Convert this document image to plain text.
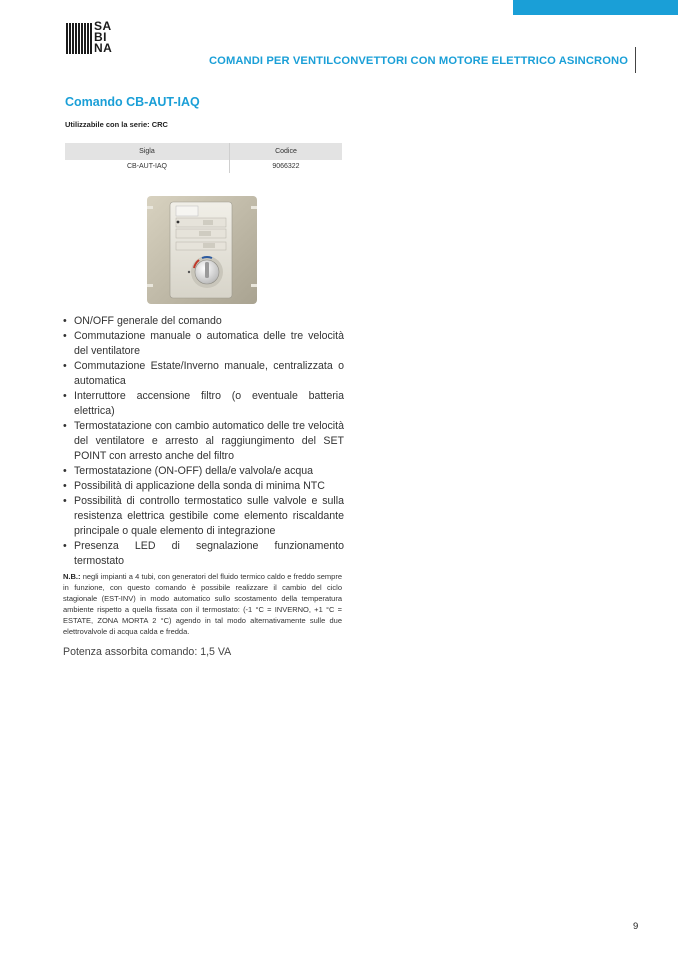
SA
BI
NA
COMANDI PER VENTILCONVETTORI CON MOTORE ELETTRICO ASINCRONO
Comando CB-AUT-IAQ
Utilizzabile con la serie: CRC
Sigla	Codice
CB-AUT-IAQ	9066322
• ON/OFF generale del comando
• Commutazione manuale o automatica delle tre velocità del ventilatore
• Commutazione Estate/Inverno manuale, centralizzata o automatica
• Interruttore accensione filtro (o eventuale batteria elettrica)
• Termostatazione con cambio automatico delle tre velocità del ventilatore e arresto al raggiungimento del SET POINT con arresto anche del filtro
• Termostatazione (ON-OFF) della/e valvola/e acqua
• Possibilità di applicazione della sonda di minima NTC
• Possibilità di controllo termostatico sulle valvole e sulla resistenza elettrica gestibile come elemento riscaldante principale o quale elemento di integrazione
• Presenza LED di segnalazione funzionamento termostato

N.B.: negli impianti a 4 tubi, con generatori del fluido termico caldo e freddo sempre in funzione, con questo comando è possibile realizzare il cambio del ciclo stagionale (EST-INV) in modo automatico sullo scostamento della temperatura ambiente rispetto a quella fissata con il termostato: (-1 °C = INVERNO, +1 °C = ESTATE, ZONA MORTA 2 °C) agendo in tal modo alternativamente sulle due elettrovalvole di acqua calda e fredda.

Potenza assorbita comando: 1,5 VA
9
